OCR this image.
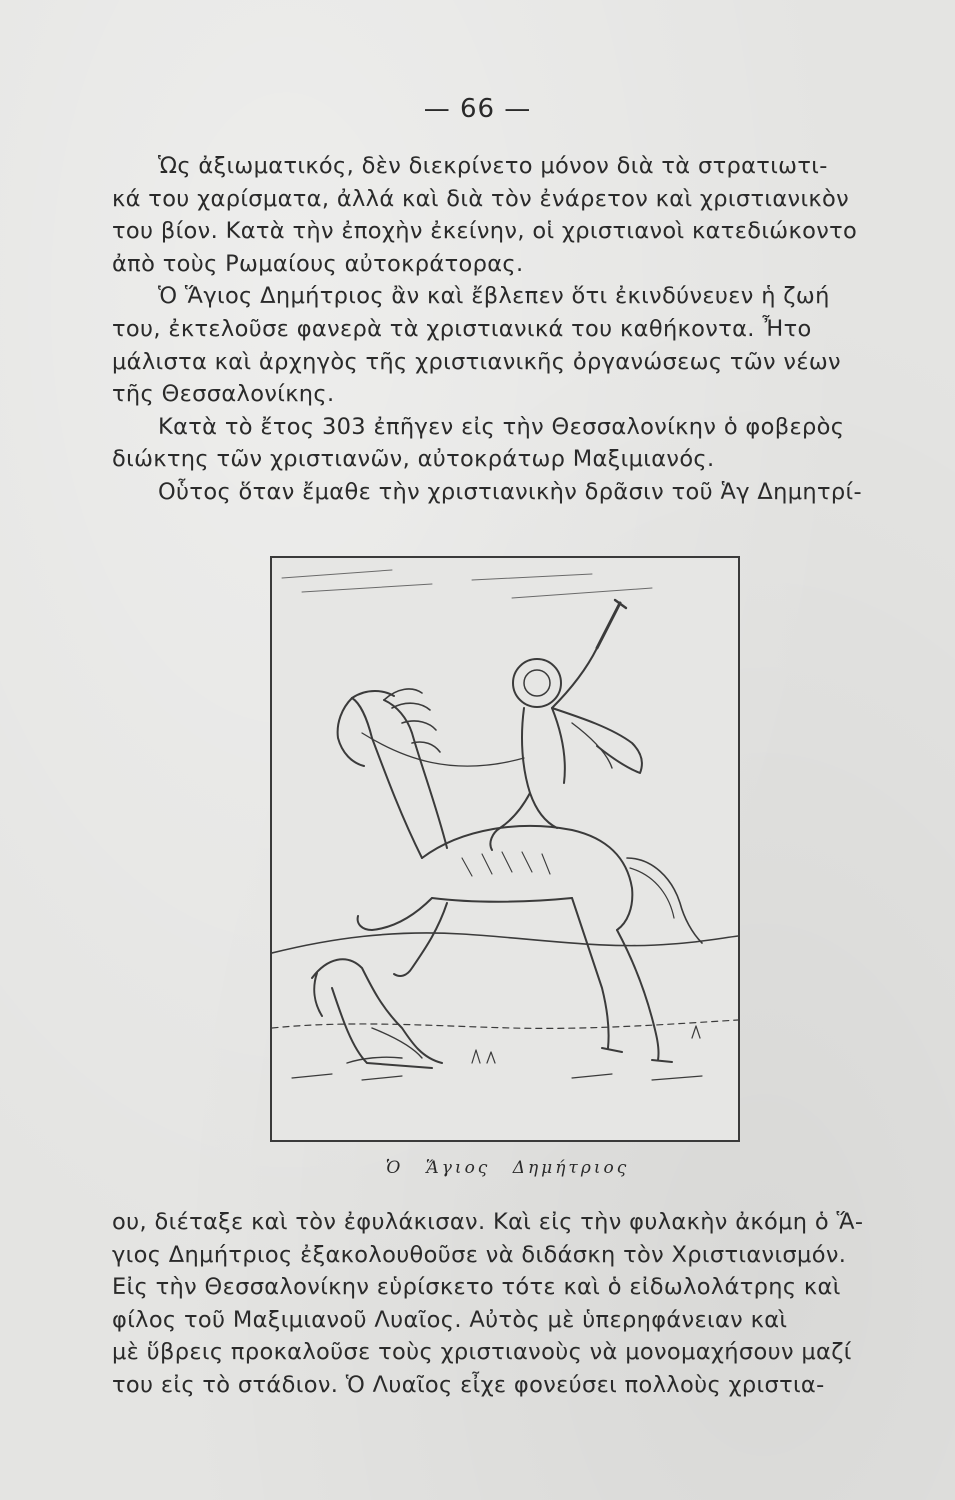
— 66 —
Ὡς ἀξιωματικός, δὲν διεκρίνετο μόνον διὰ τὰ στρατιωτι-
κά του χαρίσματα, ἀλλά καὶ διὰ τὸν ἐνάρετον καὶ χριστιανικὸν
του βίον. Κατὰ τὴν ἐποχὴν ἐκείνην, οἱ χριστιανοὶ κατεδιώκοντο
ἀπὸ τοὺς Ρωμαίους αὐτοκράτορας.
Ὁ Ἅγιος Δημήτριος ἂν καὶ ἔβλεπεν ὅτι ἐκινδύνευεν ἡ ζωή
του, ἐκτελοῦσε φανερὰ τὰ χριστιανικά του καθήκοντα. Ἦτο
μάλιστα καὶ ἀρχηγὸς τῆς χριστιανικῆς ὀργανώσεως τῶν νέων
τῆς Θεσσαλονίκης.
Κατὰ τὸ ἔτος 303 ἐπῆγεν εἰς τὴν Θεσσαλονίκην ὁ φοβερὸς
διώκτης τῶν χριστιανῶν, αὐτοκράτωρ Μαξιμιανός.
Οὗτος ὅταν ἔμαθε τὴν χριστιανικὴν δρᾶσιν τοῦ Ἁγ Δημητρί-
Ὁ Ἅγιος Δημήτριος
ου, διέταξε καὶ τὸν ἐφυλάκισαν. Καὶ εἰς τὴν φυλακὴν ἀκόμη ὁ Ἅ-
γιος Δημήτριος ἐξακολουθοῦσε νὰ διδάσκη τὸν Χριστιανισμόν.
Εἰς τὴν Θεσσαλονίκην εὑρίσκετο τότε καὶ ὁ εἰδωλολάτρης καὶ
φίλος τοῦ Μαξιμιανοῦ Λυαῖος. Αὐτὸς μὲ ὑπερηφάνειαν καὶ
μὲ ὕβρεις προκαλοῦσε τοὺς χριστιανοὺς νὰ μονομαχήσουν μαζί
του εἰς τὸ στάδιον. Ὁ Λυαῖος εἶχε φονεύσει πολλοὺς χριστια-
